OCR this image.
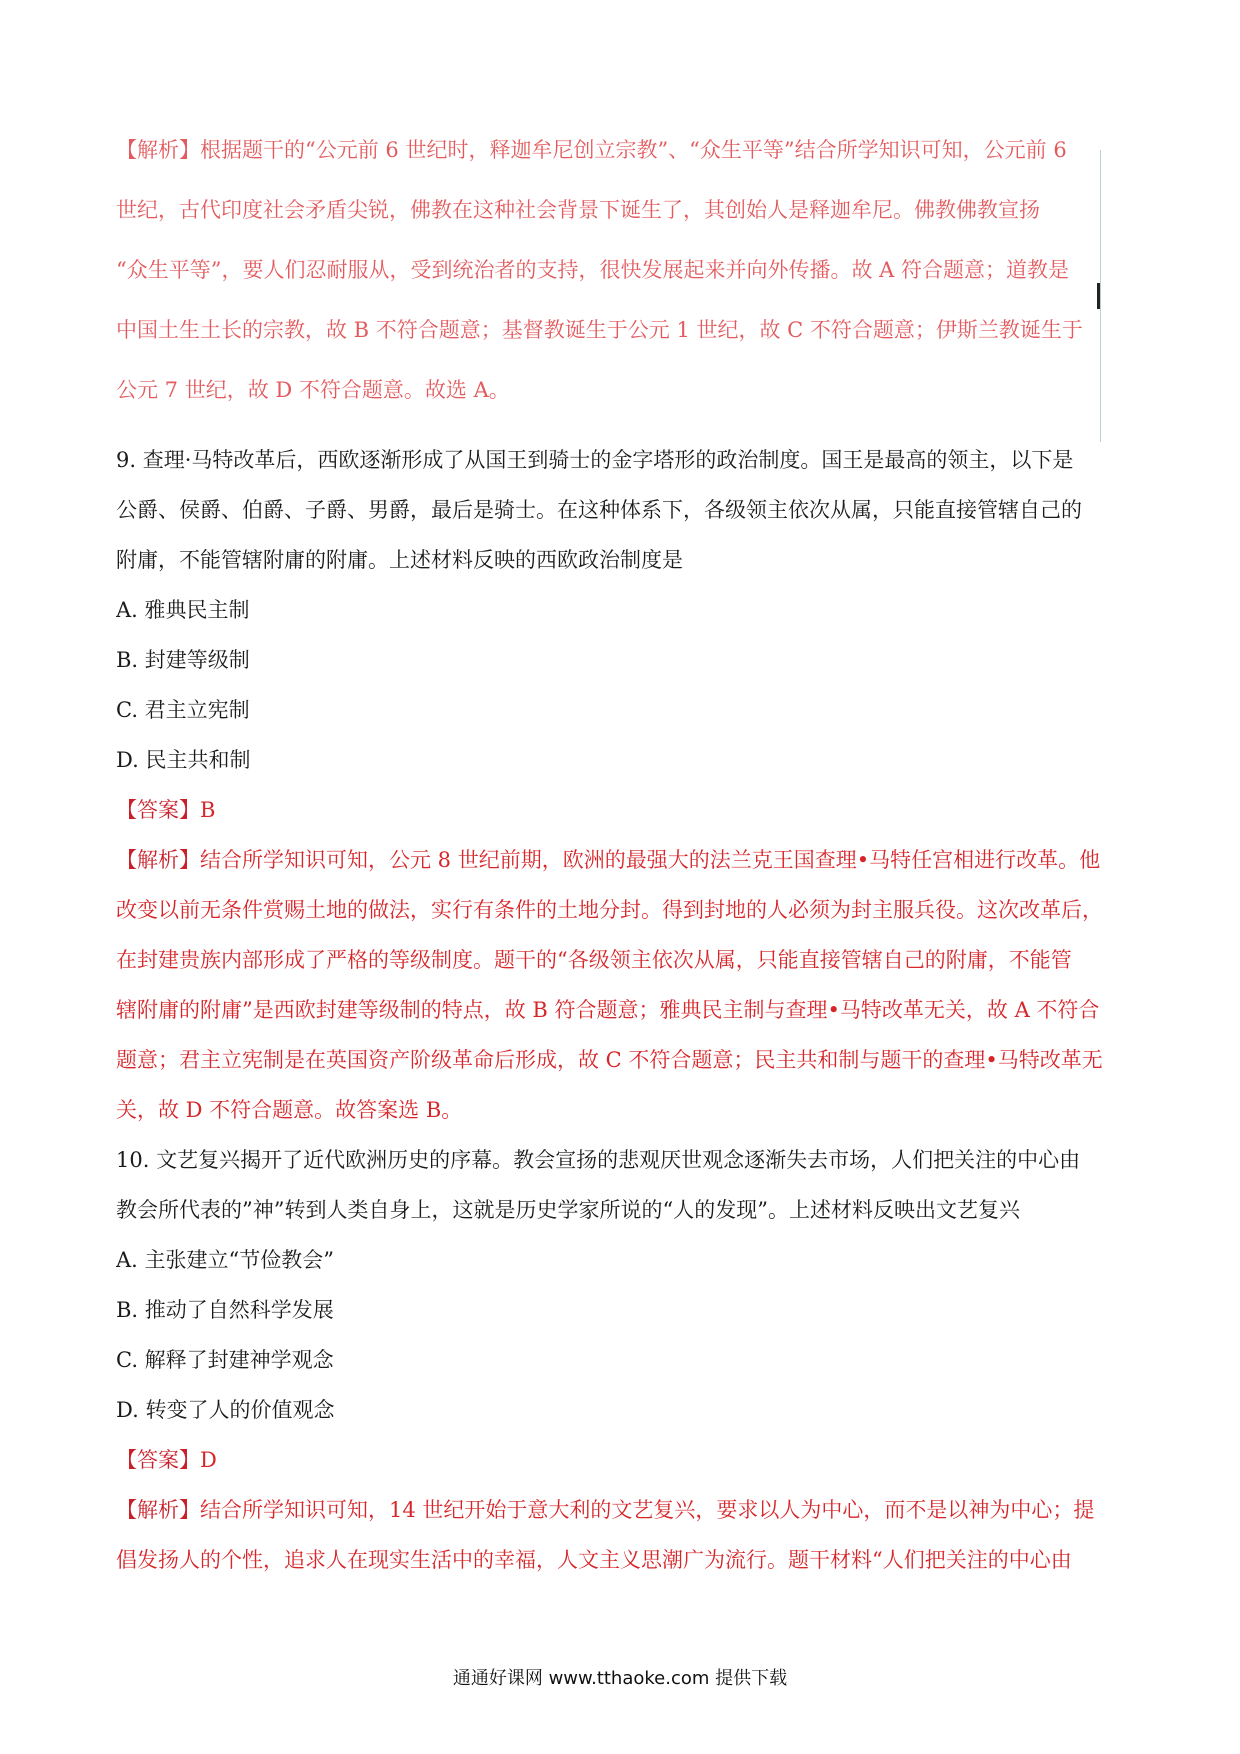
【解析】根据题干的“公元前 6 世纪时，释迦牟尼创立宗教”、“众生平等”结合所学知识可知，公元前 6
世纪，古代印度社会矛盾尖锐，佛教在这种社会背景下诞生了，其创始人是释迦牟尼。佛教佛教宣扬
“众生平等”，要人们忍耐服从，受到统治者的支持，很快发展起来并向外传播。故 A 符合题意；道教是
中国土生土长的宗教，故 B 不符合题意；基督教诞生于公元 1 世纪，故 C 不符合题意；伊斯兰教诞生于
公元 7 世纪，故 D 不符合题意。故选 A。
9. 查理·马特改革后，西欧逐渐形成了从国王到骑士的金字塔形的政治制度。国王是最高的领主，以下是
公爵、侯爵、伯爵、子爵、男爵，最后是骑士。在这种体系下，各级领主依次从属，只能直接管辖自己的
附庸，不能管辖附庸的附庸。上述材料反映的西欧政治制度是
A. 雅典民主制
B. 封建等级制
C. 君主立宪制
D. 民主共和制
【答案】B
【解析】结合所学知识可知，公元 8 世纪前期，欧洲的最强大的法兰克王国查理•马特任宫相进行改革。他
改变以前无条件赏赐土地的做法，实行有条件的土地分封。得到封地的人必须为封主服兵役。这次改革后，
在封建贵族内部形成了严格的等级制度。题干的“各级领主依次从属，只能直接管辖自己的附庸，不能管
辖附庸的附庸”是西欧封建等级制的特点，故 B 符合题意；雅典民主制与查理•马特改革无关，故 A 不符合
题意；君主立宪制是在英国资产阶级革命后形成，故 C 不符合题意；民主共和制与题干的查理•马特改革无
关，故 D 不符合题意。故答案选 B。
10. 文艺复兴揭开了近代欧洲历史的序幕。教会宣扬的悲观厌世观念逐渐失去市场，人们把关注的中心由
教会所代表的”神”转到人类自身上，这就是历史学家所说的“人的发现”。上述材料反映出文艺复兴
A. 主张建立“节俭教会”
B. 推动了自然科学发展
C. 解释了封建神学观念
D. 转变了人的价值观念
【答案】D
【解析】结合所学知识可知，14 世纪开始于意大利的文艺复兴，要求以人为中心，而不是以神为中心；提
倡发扬人的个性，追求人在现实生活中的幸福，人文主义思潮广为流行。题干材料“人们把关注的中心由
通通好课网 www.tthaoke.com 提供下载
